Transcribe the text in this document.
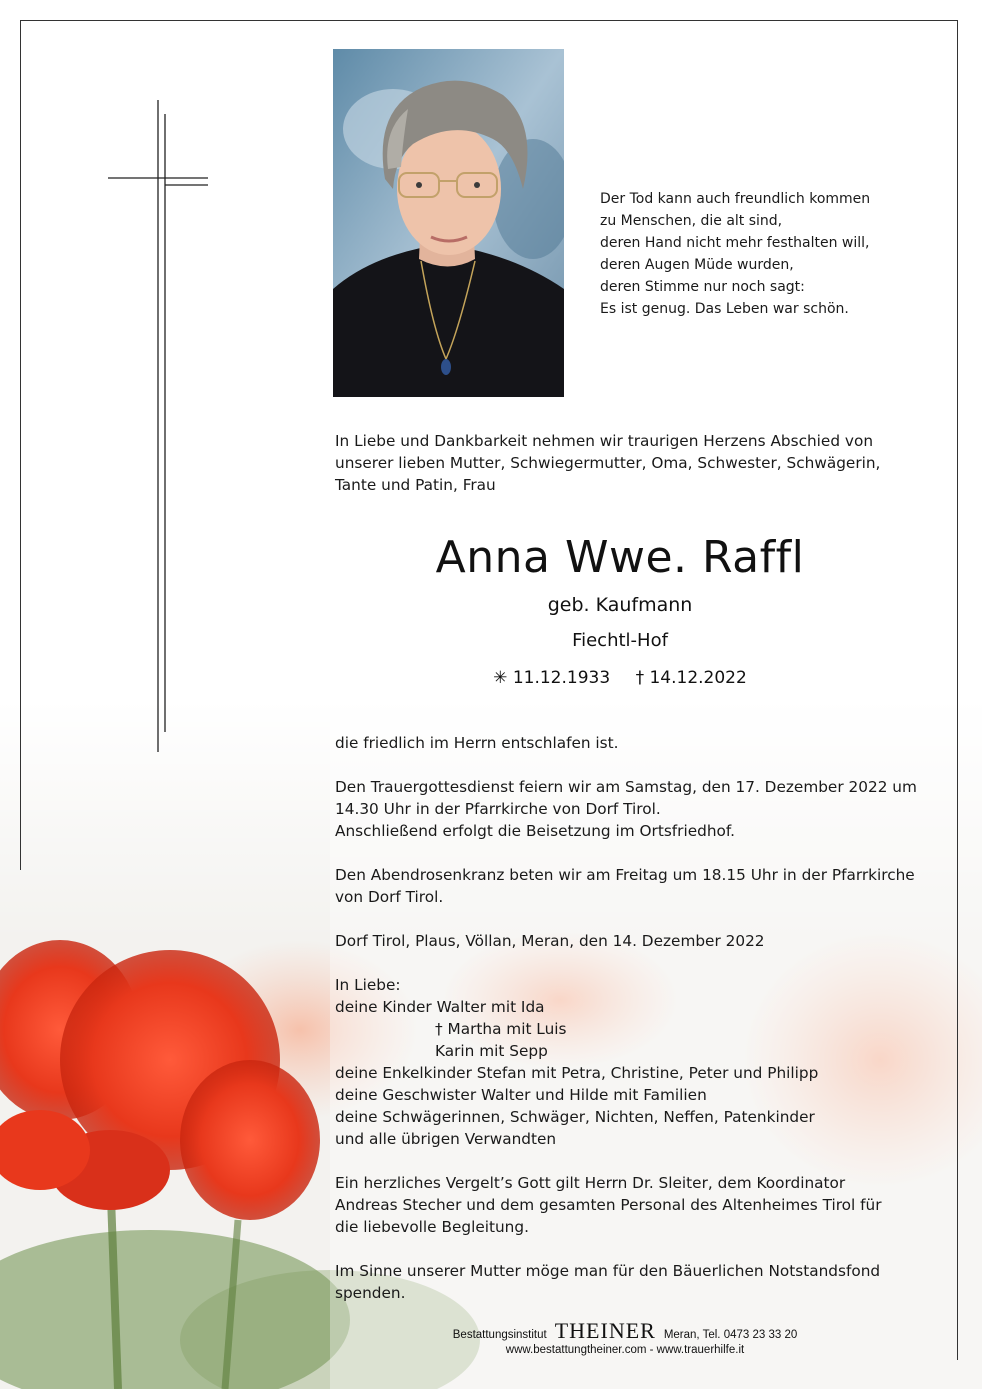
Der Tod kann auch freundlich kommen
zu Menschen, die alt sind,
deren Hand nicht mehr festhalten will,
deren Augen Müde wurden,
deren Stimme nur noch sagt:
Es ist genug. Das Leben war schön.
In Liebe und Dankbarkeit nehmen wir traurigen Herzens Abschied von unserer lieben Mutter, Schwiegermutter, Oma, Schwester, Schwägerin, Tante und Patin, Frau
Anna Wwe. Raffl
geb. Kaufmann
Fiechtl-Hof
✳ 11.12.1933 † 14.12.2022

die friedlich im Herrn entschlafen ist.

Den Trauergottesdienst feiern wir am Samstag, den 17. Dezember 2022 um
14.30 Uhr in der Pfarrkirche von Dorf Tirol.
Anschließend erfolgt die Beisetzung im Ortsfriedhof.

Den Abendrosenkranz beten wir am Freitag um 18.15 Uhr in der Pfarrkirche
von Dorf Tirol.

Dorf Tirol, Plaus, Völlan, Meran, den 14. Dezember 2022

In Liebe:
deine Kinder Walter mit Ida
† Martha mit Luis
Karin mit Sepp
deine Enkelkinder Stefan mit Petra, Christine, Peter und Philipp
deine Geschwister Walter und Hilde mit Familien
deine Schwägerinnen, Schwäger, Nichten, Neffen, Patenkinder
und alle übrigen Verwandten

Ein herzliches Vergelt’s Gott gilt Herrn Dr. Sleiter, dem Koordinator
Andreas Stecher und dem gesamten Personal des Altenheimes Tirol für
die liebevolle Begleitung.

Im Sinne unserer Mutter möge man für den Bäuerlichen Notstandsfond
spenden.

Bestattungsinstitut THEINER Meran, Tel. 0473 23 33 20
www.bestattungtheiner.com - www.trauerhilfe.it
